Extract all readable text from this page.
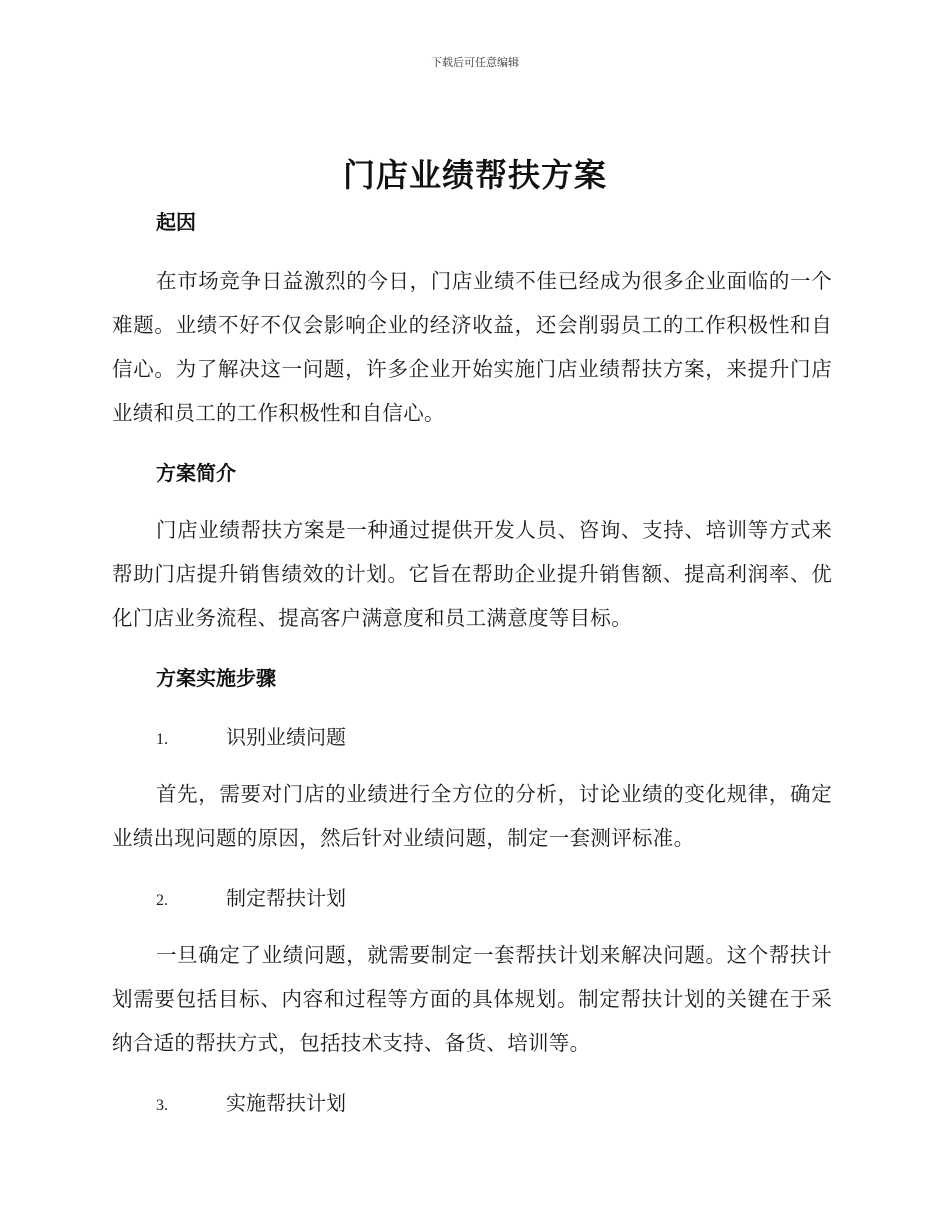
下载后可任意编辑
门店业绩帮扶方案
起因

在市场竞争日益激烈的今日，门店业绩不佳已经成为很多企业面临的一个难题。业绩不好不仅会影响企业的经济收益，还会削弱员工的工作积极性和自信心。为了解决这一问题，许多企业开始实施门店业绩帮扶方案，来提升门店业绩和员工的工作积极性和自信心。

方案简介

门店业绩帮扶方案是一种通过提供开发人员、咨询、支持、培训等方式来帮助门店提升销售绩效的计划。它旨在帮助企业提升销售额、提高利润率、优化门店业务流程、提高客户满意度和员工满意度等目标。

方案实施步骤
1.	识别业绩问题

首先，需要对门店的业绩进行全方位的分析，讨论业绩的变化规律，确定业绩出现问题的原因，然后针对业绩问题，制定一套测评标准。

2.	制定帮扶计划

一旦确定了业绩问题，就需要制定一套帮扶计划来解决问题。这个帮扶计划需要包括目标、内容和过程等方面的具体规划。制定帮扶计划的关键在于采纳合适的帮扶方式，包括技术支持、备货、培训等。

3.	实施帮扶计划
